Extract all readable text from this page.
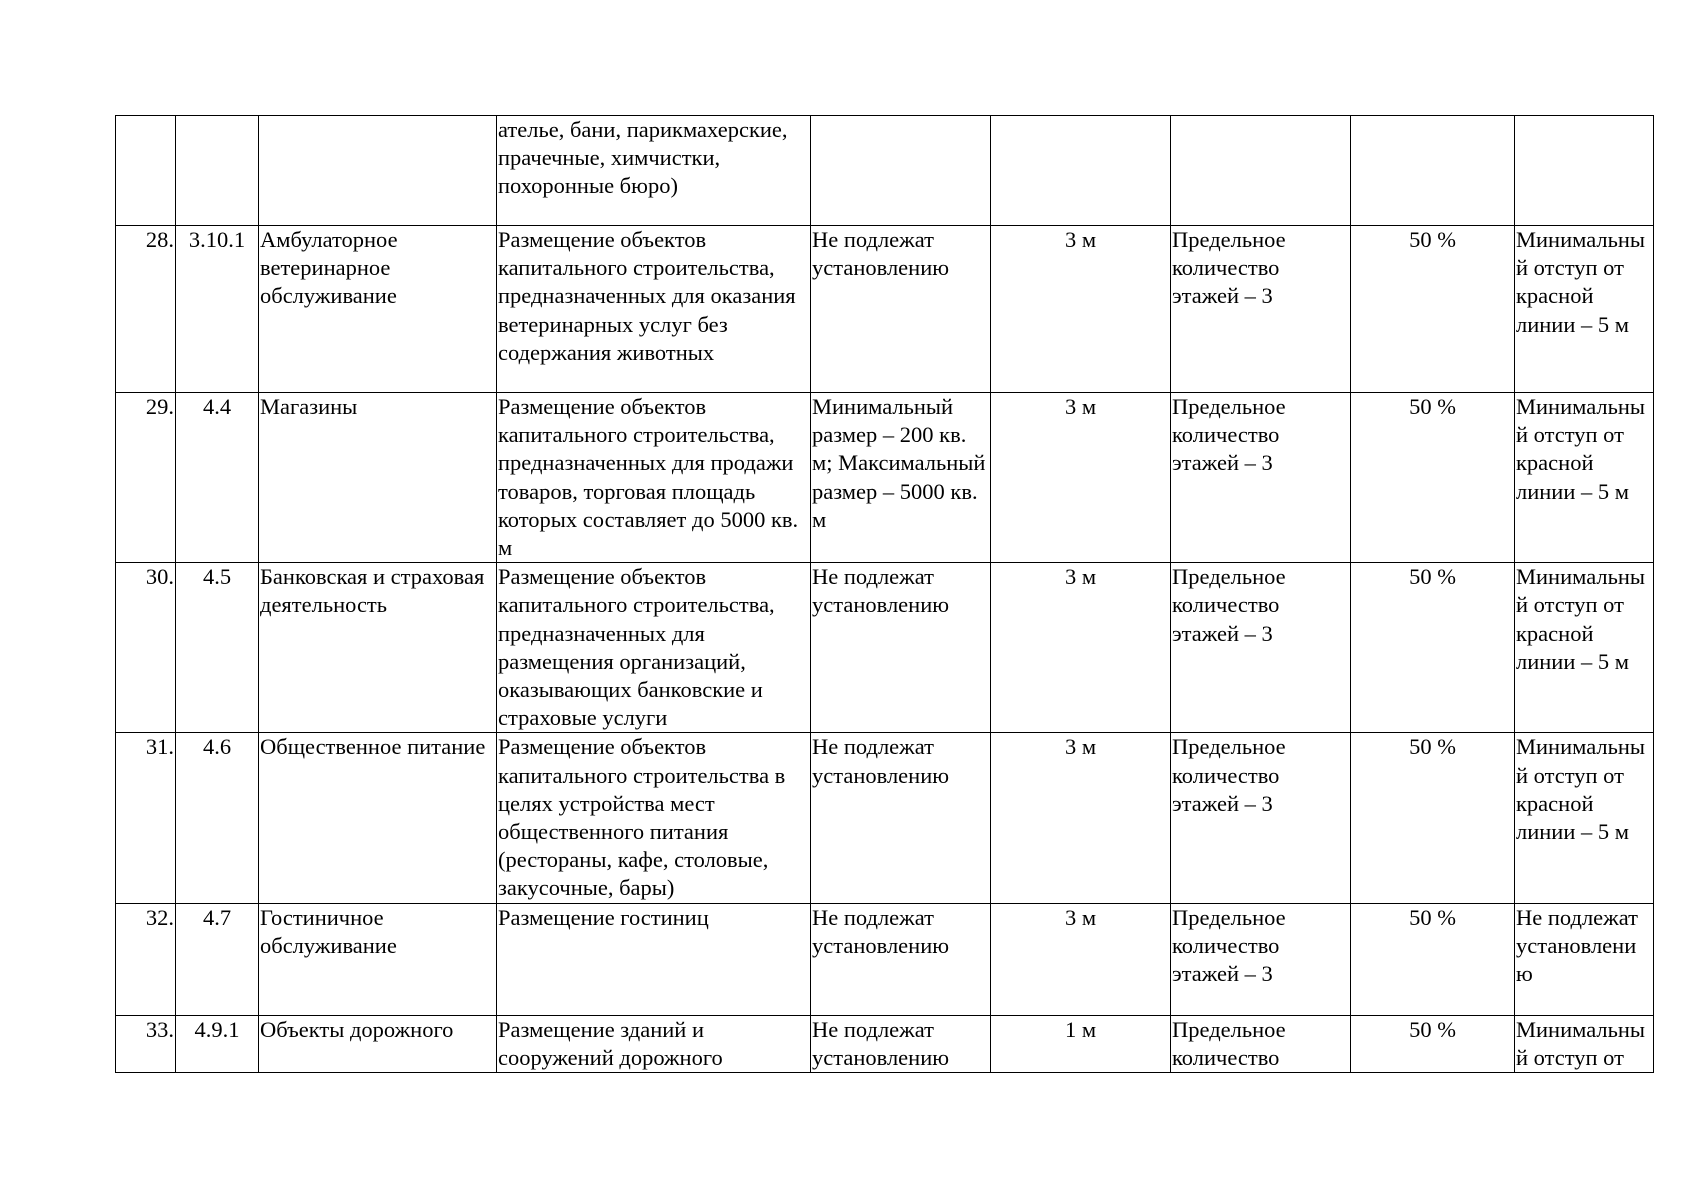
			ателье, бани, парикмахерские, прачечные, химчистки, похоронные бюро)					
28.	3.10.1	Амбулаторное ветеринарное обслуживание	Размещение объектов капитального строительства, предназначенных для оказания ветеринарных услуг без содержания животных	Не подлежат установлению	3 м	Предельное количество этажей – 3	50 %	Минимальный отступ от красной линии – 5 м
29.	4.4	Магазины	Размещение объектов капитального строительства, предназначенных для продажи товаров, торговая площадь которых составляет до 5000 кв. м	Минимальный размер – 200 кв. м; Максимальный размер – 5000 кв. м	3 м	Предельное количество этажей – 3	50 %	Минимальный отступ от красной линии – 5 м
30.	4.5	Банковская и страховая деятельность	Размещение объектов капитального строительства, предназначенных для размещения организаций, оказывающих банковские и страховые услуги	Не подлежат установлению	3 м	Предельное количество этажей – 3	50 %	Минимальный отступ от красной линии – 5 м
31.	4.6	Общественное питание	Размещение объектов капитального строительства в целях устройства мест общественного питания (рестораны, кафе, столовые, закусочные, бары)	Не подлежат установлению	3 м	Предельное количество этажей – 3	50 %	Минимальный отступ от красной линии – 5 м
32.	4.7	Гостиничное обслуживание	Размещение гостиниц	Не подлежат установлению	3 м	Предельное количество этажей – 3	50 %	Не подлежат установлению
33.	4.9.1	Объекты дорожного	Размещение зданий и сооружений дорожного	Не подлежат установлению	1 м	Предельное количество	50 %	Минимальный отступ от
